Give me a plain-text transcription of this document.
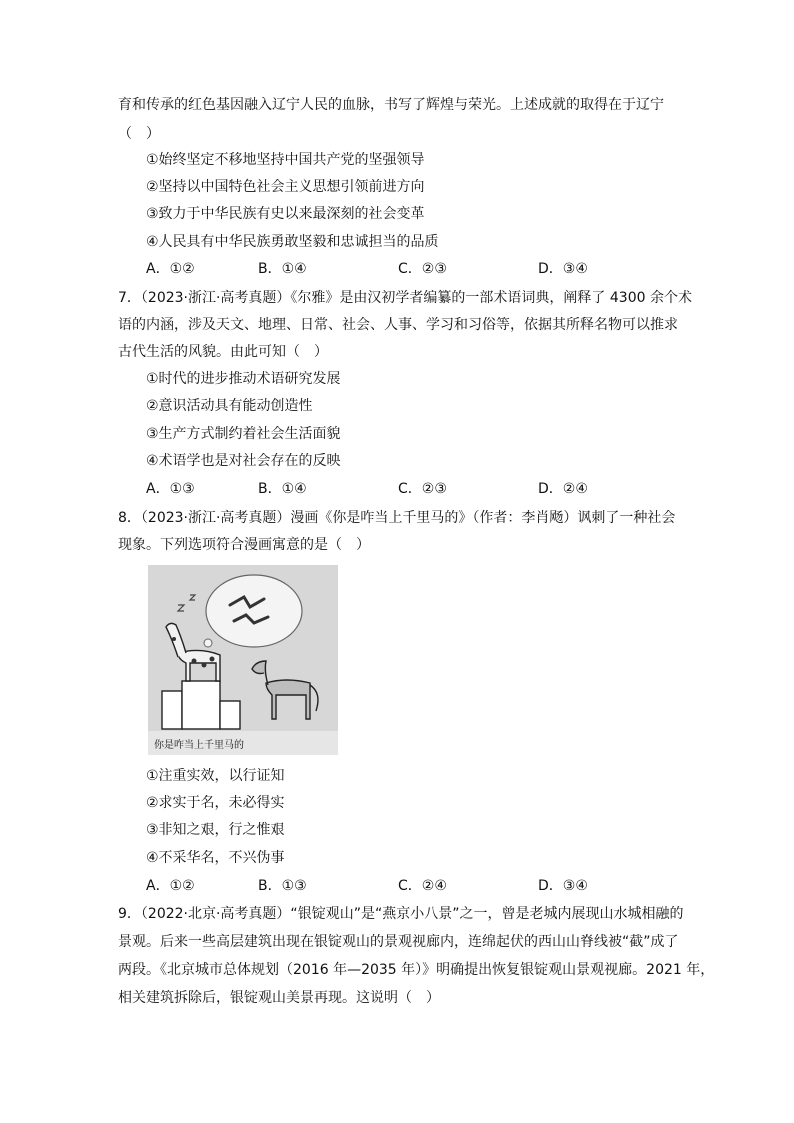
育和传承的红色基因融入辽宁人民的血脉，书写了辉煌与荣光。上述成就的取得在于辽宁
（　）
①始终坚定不移地坚持中国共产党的坚强领导
②坚持以中国特色社会主义思想引领前进方向
③致力于中华民族有史以来最深刻的社会变革
④人民具有中华民族勇敢坚毅和忠诚担当的品质
A．①②	B．①④	C．②③	D．③④
7．（2023·浙江·高考真题）《尔雅》是由汉初学者编纂的一部术语词典，阐释了 4300 余个术
语的内涵，涉及天文、地理、日常、社会、人事、学习和习俗等，依据其所释名物可以推求
古代生活的风貌。由此可知（　）
①时代的进步推动术语研究发展
②意识活动具有能动创造性
③生产方式制约着社会生活面貌
④术语学也是对社会存在的反映
A．①③	B．①④	C．②③	D．②④
8．（2023·浙江·高考真题）漫画《你是咋当上千里马的》（作者：李肖飏）讽刺了一种社会
现象。下列选项符合漫画寓意的是（　）
你是咋当上千里马的
①注重实效，以行证知
②求实于名，未必得实
③非知之艰，行之惟艰
④不采华名，不兴伪事
A．①②	B．①③	C．②④	D．③④
9．（2022·北京·高考真题）“银锭观山”是“燕京小八景”之一，曾是老城内展现山水城相融的
景观。后来一些高层建筑出现在银锭观山的景观视廊内，连绵起伏的西山山脊线被“截”成了
两段。《北京城市总体规划（2016 年—2035 年）》明确提出恢复银锭观山景观视廊。2021 年，
相关建筑拆除后，银锭观山美景再现。这说明（　）
